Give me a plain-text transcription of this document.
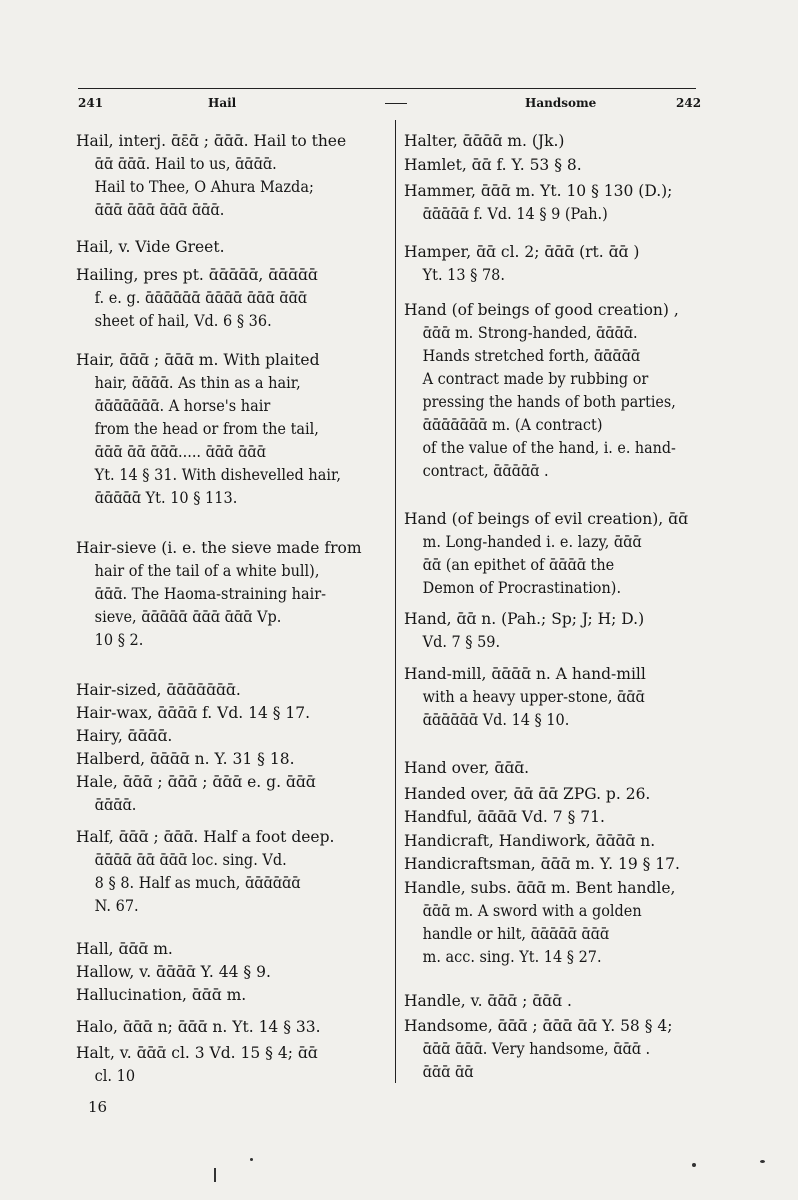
241	Hail	Handsome	242
Hail, interj. ɑ̄ɛ̄ɑ̄ ; ɑ̄ɑ̄ɑ̄. Hail to thee
ɑ̄ɑ̄ ɑ̄ɑ̄ɑ̄. Hail to us, ɑ̄ɑ̄ɑ̄ɑ̄.
Hail to Thee, O Ahura Mazda;
ɑ̄ɑ̄ɑ̄ ɑ̄ɑ̄ɑ̄ ɑ̄ɑ̄ɑ̄ ɑ̄ɑ̄ɑ̄.
Hail, v. Vide Greet.
Hailing, pres pt. ɑ̄ɑ̄ɑ̄ɑ̄ɑ̄, ɑ̄ɑ̄ɑ̄ɑ̄ɑ̄
f. e. g. ɑ̄ɑ̄ɑ̄ɑ̄ɑ̄ɑ̄ ɑ̄ɑ̄ɑ̄ɑ̄ ɑ̄ɑ̄ɑ̄ ɑ̄ɑ̄ɑ̄
sheet of hail, Vd. 6 § 36.
Hair, ɑ̄ɑ̄ɑ̄ ; ɑ̄ɑ̄ɑ̄ m. With plaited
hair, ɑ̄ɑ̄ɑ̄ɑ̄. As thin as a hair,
ɑ̄ɑ̄ɑ̄ɑ̄ɑ̄ɑ̄ɑ̄. A horse's hair
from the head or from the tail,
ɑ̄ɑ̄ɑ̄ ɑ̄ɑ̄ ɑ̄ɑ̄ɑ̄..... ɑ̄ɑ̄ɑ̄ ɑ̄ɑ̄ɑ̄
Yt. 14 § 31. With dishevelled hair,
ɑ̄ɑ̄ɑ̄ɑ̄ɑ̄ Yt. 10 § 113.
Hair-sieve (i. e. the sieve made from
hair of the tail of a white bull),
ɑ̄ɑ̄ɑ̄. The Haoma-straining hair-
sieve, ɑ̄ɑ̄ɑ̄ɑ̄ɑ̄ ɑ̄ɑ̄ɑ̄ ɑ̄ɑ̄ɑ̄ Vp.
10 § 2.
Hair-sized, ɑ̄ɑ̄ɑ̄ɑ̄ɑ̄ɑ̄ɑ̄.
Hair-wax, ɑ̄ɑ̄ɑ̄ɑ̄ f. Vd. 14 § 17.
Hairy, ɑ̄ɑ̄ɑ̄ɑ̄.
Halberd, ɑ̄ɑ̄ɑ̄ɑ̄ n. Y. 31 § 18.
Hale, ɑ̄ɑ̄ɑ̄ ; ɑ̄ɑ̄ɑ̄ ; ɑ̄ɑ̄ɑ̄ e. g. ɑ̄ɑ̄ɑ̄
ɑ̄ɑ̄ɑ̄ɑ̄.
Half, ɑ̄ɑ̄ɑ̄ ; ɑ̄ɑ̄ɑ̄. Half a foot deep.
ɑ̄ɑ̄ɑ̄ɑ̄ ɑ̄ɑ̄ ɑ̄ɑ̄ɑ̄ loc. sing. Vd.
8 § 8. Half as much, ɑ̄ɑ̄ɑ̄ɑ̄ɑ̄ɑ̄
N. 67.
Hall, ɑ̄ɑ̄ɑ̄ m.
Hallow, v. ɑ̄ɑ̄ɑ̄ɑ̄ Y. 44 § 9.
Hallucination, ɑ̄ɑ̄ɑ̄ m.
Halo, ɑ̄ɑ̄ɑ̄ n; ɑ̄ɑ̄ɑ̄ n. Yt. 14 § 33.
Halt, v. ɑ̄ɑ̄ɑ̄ cl. 3 Vd. 15 § 4; ɑ̄ɑ̄
cl. 10
Halter, ɑ̄ɑ̄ɑ̄ɑ̄ m. (Jk.)
Hamlet, ɑ̄ɑ̄ f. Y. 53 § 8.
Hammer, ɑ̄ɑ̄ɑ̄ m. Yt. 10 § 130 (D.);
ɑ̄ɑ̄ɑ̄ɑ̄ɑ̄ f. Vd. 14 § 9 (Pah.)
Hamper, ɑ̄ɑ̄ cl. 2; ɑ̄ɑ̄ɑ̄ (rt. ɑ̄ɑ̄ )
Yt. 13 § 78.
Hand (of beings of good creation) ,
ɑ̄ɑ̄ɑ̄ m. Strong-handed, ɑ̄ɑ̄ɑ̄ɑ̄.
Hands stretched forth, ɑ̄ɑ̄ɑ̄ɑ̄ɑ̄
A contract made by rubbing or
pressing the hands of both parties,
ɑ̄ɑ̄ɑ̄ɑ̄ɑ̄ɑ̄ɑ̄ m. (A contract)
of the value of the hand, i. e. hand-
contract, ɑ̄ɑ̄ɑ̄ɑ̄ɑ̄ .
Hand (of beings of evil creation), ɑ̄ɑ̄
m. Long-handed i. e. lazy, ɑ̄ɑ̄ɑ̄
ɑ̄ɑ̄ (an epithet of ɑ̄ɑ̄ɑ̄ɑ̄ the
Demon of Procrastination).
Hand, ɑ̄ɑ̄ n. (Pah.; Sp; J; H; D.)
Vd. 7 § 59.
Hand-mill, ɑ̄ɑ̄ɑ̄ɑ̄ n. A hand-mill
with a heavy upper-stone, ɑ̄ɑ̄ɑ̄
ɑ̄ɑ̄ɑ̄ɑ̄ɑ̄ɑ̄ Vd. 14 § 10.
Hand over, ɑ̄ɑ̄ɑ̄.
Handed over, ɑ̄ɑ̄ ɑ̄ɑ̄ ZPG. p. 26.
Handful, ɑ̄ɑ̄ɑ̄ɑ̄ Vd. 7 § 71.
Handicraft, Handiwork, ɑ̄ɑ̄ɑ̄ɑ̄ n.
Handicraftsman, ɑ̄ɑ̄ɑ̄ m. Y. 19 § 17.
Handle, subs. ɑ̄ɑ̄ɑ̄ m. Bent handle,
ɑ̄ɑ̄ɑ̄ m. A sword with a golden
handle or hilt, ɑ̄ɑ̄ɑ̄ɑ̄ɑ̄ ɑ̄ɑ̄ɑ̄
m. acc. sing. Yt. 14 § 27.
Handle, v. ɑ̄ɑ̄ɑ̄ ; ɑ̄ɑ̄ɑ̄ .
Handsome, ɑ̄ɑ̄ɑ̄ ; ɑ̄ɑ̄ɑ̄ ɑ̄ɑ̄ Y. 58 § 4;
ɑ̄ɑ̄ɑ̄ ɑ̄ɑ̄ɑ̄. Very handsome, ɑ̄ɑ̄ɑ̄ .
ɑ̄ɑ̄ɑ̄ ɑ̄ɑ̄
16
